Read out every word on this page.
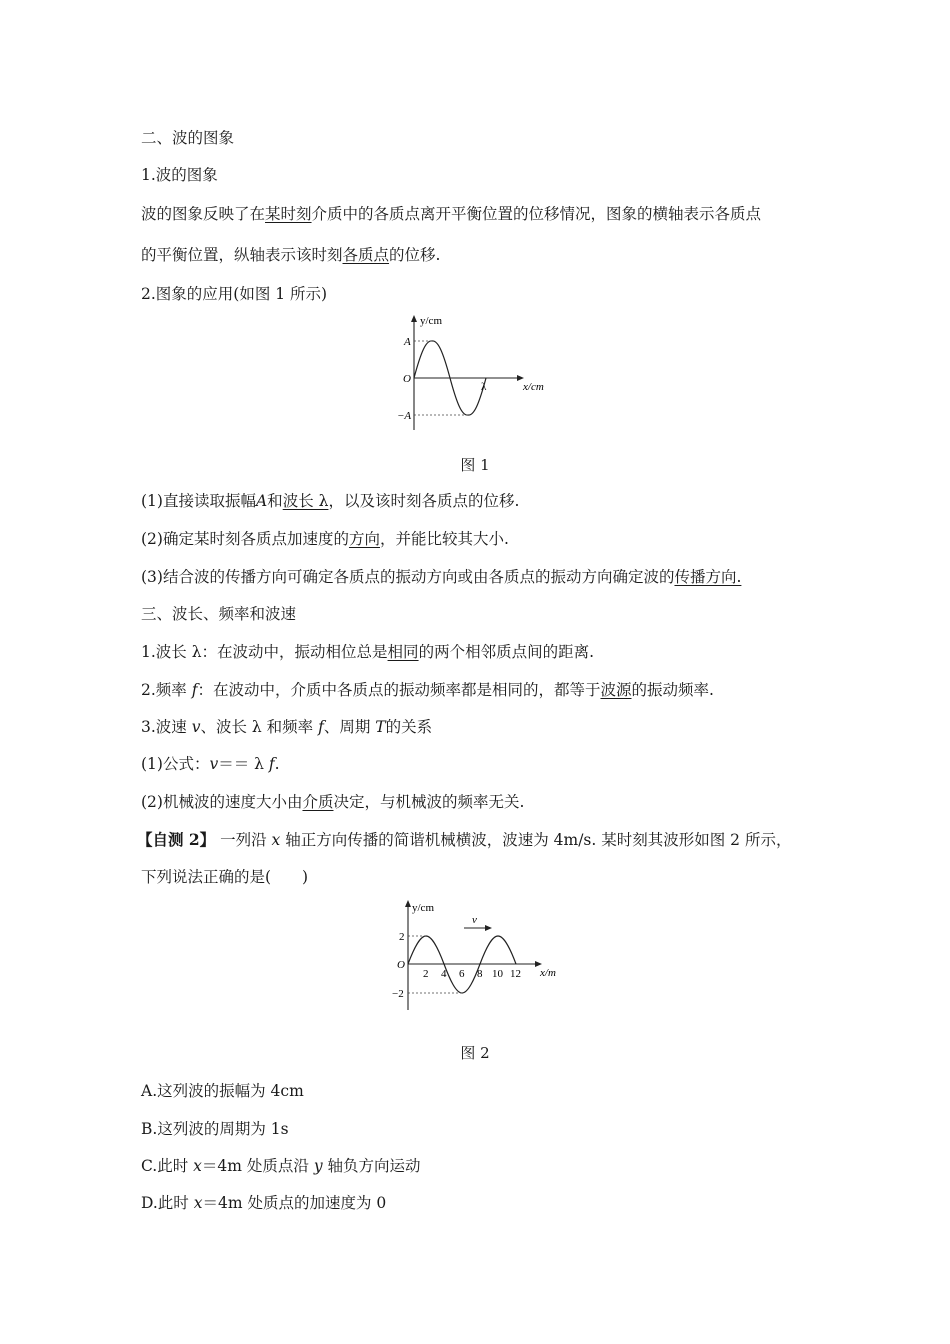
二、波的图象
1.波的图象
波的图象反映了在某时刻介质中的各质点离开平衡位置的位移情况，图象的横轴表示各质点
的平衡位置，纵轴表示该时刻各质点的位移.
2.图象的应用(如图 1 所示)
y/cm
x/cm
O
A
−A
λ
图 1
(1)直接读取振幅A和波长 λ，以及该时刻各质点的位移.
(2)确定某时刻各质点加速度的方向，并能比较其大小.
(3)结合波的传播方向可确定各质点的振动方向或由各质点的振动方向确定波的传播方向.
三、波长、频率和波速
1.波长 λ：在波动中，振动相位总是相同的两个相邻质点间的距离.
2.频率 f：在波动中，介质中各质点的振动频率都是相同的，都等于波源的振动频率.
3.波速 v、波长 λ 和频率 f、周期 T的关系
(1)公式：v＝＝ λ f.
(2)机械波的速度大小由介质决定，与机械波的频率无关.
【自测 2】 一列沿 x 轴正方向传播的简谐机械横波，波速为 4m/s. 某时刻其波形如图 2 所示，
下列说法正确的是(　　)
v
y/cm
x/m
O
2
−2
2 4 6 8 10 12
图 2
A.这列波的振幅为 4cm
B.这列波的周期为 1s
C.此时 x＝4m 处质点沿 y 轴负方向运动
D.此时 x＝4m 处质点的加速度为 0
